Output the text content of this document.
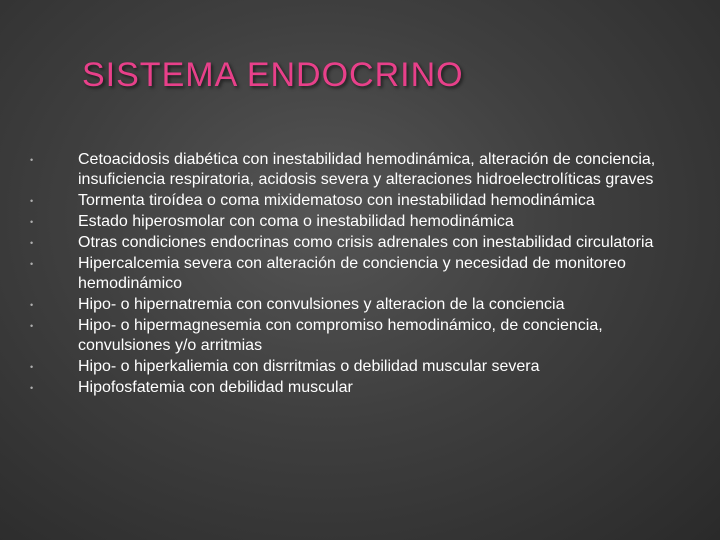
SISTEMA ENDOCRINO
•	Cetoacidosis diabética con inestabilidad hemodinámica, alteración de conciencia, insuficiencia respiratoria, acidosis severa y alteraciones hidroelectrolíticas graves
•	Tormenta tiroídea o coma mixidematoso con inestabilidad hemodinámica
•	Estado hiperosmolar con coma o inestabilidad hemodinámica
•	Otras condiciones endocrinas como crisis adrenales con inestabilidad circulatoria
•	Hipercalcemia severa con alteración de conciencia y necesidad de monitoreo hemodinámico
•	Hipo- o hipernatremia con convulsiones y alteracion de la conciencia
•	Hipo- o hipermagnesemia con compromiso hemodinámico, de conciencia, convulsiones y/o arritmias
•	Hipo- o hiperkaliemia con disrritmias o debilidad muscular severa
•	Hipofosfatemia con debilidad muscular
